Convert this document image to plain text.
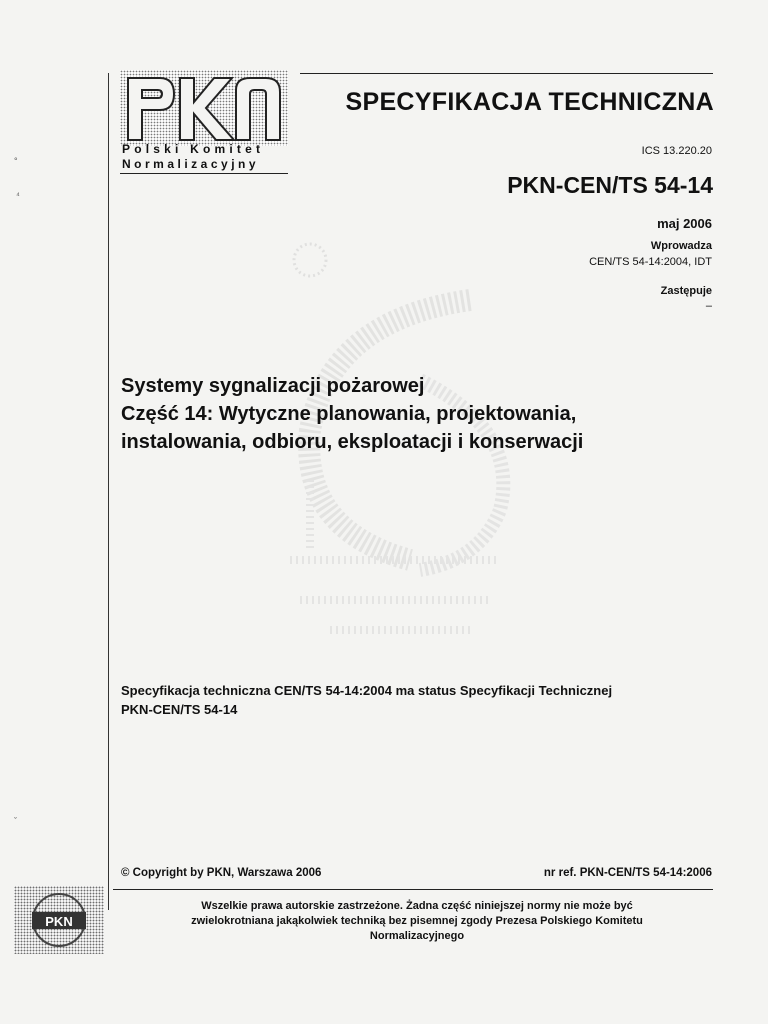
°
⁴
ˇ
Polski Komitet
Normalizacyjny
SPECYFIKACJA TECHNICZNA
ICS 13.220.20
PKN-CEN/TS 54-14
maj 2006
Wprowadza
CEN/TS 54-14:2004, IDT
Zastępuje
–
Systemy sygnalizacji pożarowej
Część 14: Wytyczne planowania, projektowania,
instalowania, odbioru, eksploatacji i konserwacji
Specyfikacja techniczna CEN/TS 54-14:2004 ma status Specyfikacji Technicznej
PKN-CEN/TS 54-14
© Copyright by PKN, Warszawa 2006	nr ref. PKN-CEN/TS 54-14:2006
Wszelkie prawa autorskie zastrzeżone. Żadna część niniejszej normy nie może być
zwielokrotniana jakąkolwiek techniką bez pisemnej zgody Prezesa Polskiego Komitetu
Normalizacyjnego
PKN
